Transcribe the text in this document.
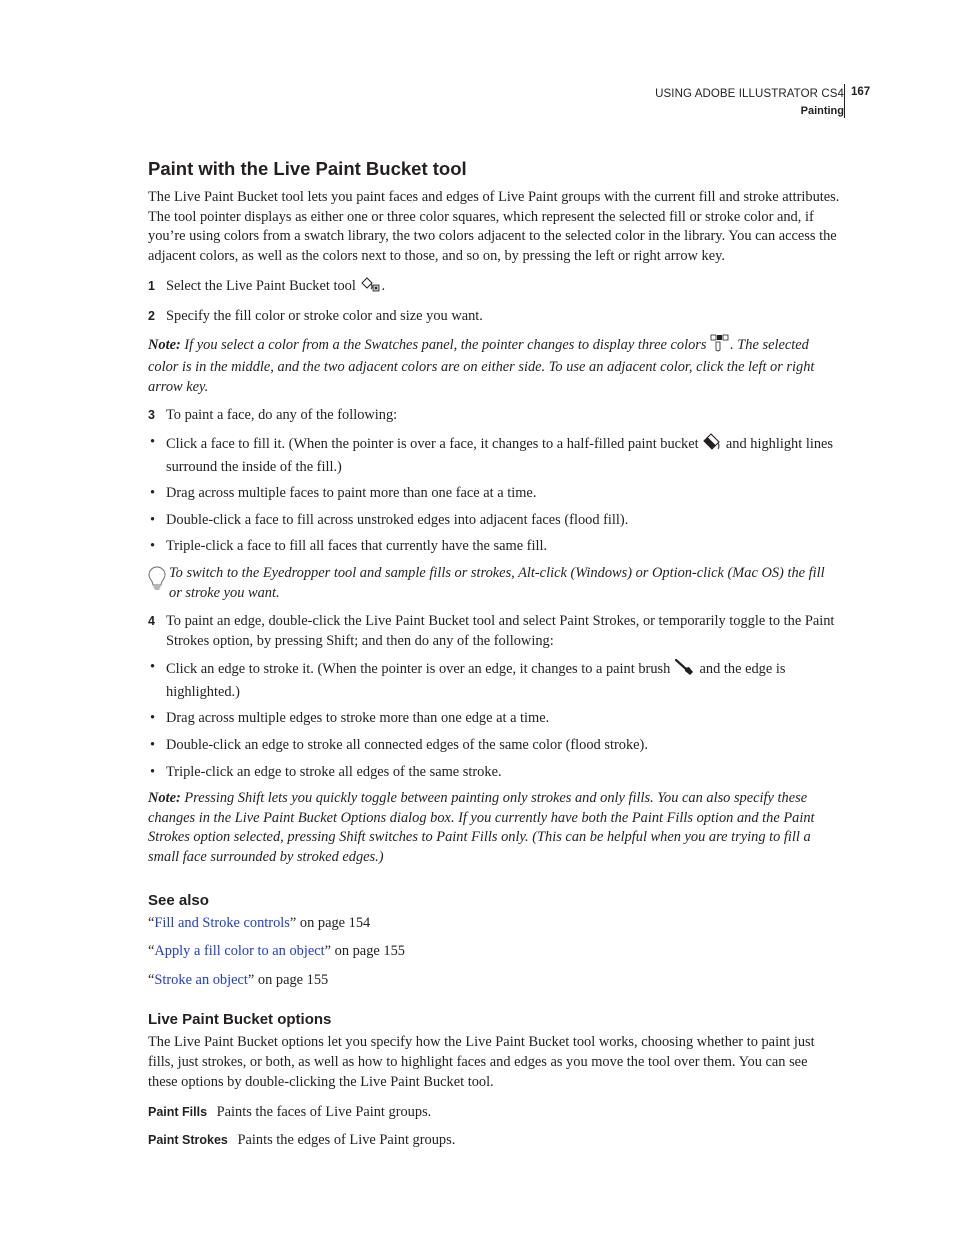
USING ADOBE ILLUSTRATOR CS4
Painting
167
Paint with the Live Paint Bucket tool

The Live Paint Bucket tool lets you paint faces and edges of Live Paint groups with the current fill and stroke attributes. The tool pointer displays as either one or three color squares, which represent the selected fill or stroke color and, if you’re using colors from a swatch library, the two colors adjacent to the selected color in the library. You can access the adjacent colors, as well as the colors next to those, and so on, by pressing the left or right arrow key.

1 Select the Live Paint Bucket tool .
2 Specify the fill color or stroke color and size you want.
Note: If you select a color from a the Swatches panel, the pointer changes to display three colors . The selected color is in the middle, and the two adjacent colors are on either side. To use an adjacent color, click the left or right arrow key.
3 To paint a face, do any of the following:
• Click a face to fill it. (When the pointer is over a face, it changes to a half-filled paint bucket and highlight lines surround the inside of the fill.)
• Drag across multiple faces to paint more than one face at a time.
• Double-click a face to fill across unstroked edges into adjacent faces (flood fill).
• Triple-click a face to fill all faces that currently have the same fill.
To switch to the Eyedropper tool and sample fills or strokes, Alt-click (Windows) or Option-click (Mac OS) the fill or stroke you want.
4 To paint an edge, double-click the Live Paint Bucket tool and select Paint Strokes, or temporarily toggle to the Paint Strokes option, by pressing Shift; and then do any of the following:
• Click an edge to stroke it. (When the pointer is over an edge, it changes to a paint brush and the edge is highlighted.)
• Drag across multiple edges to stroke more than one edge at a time.
• Double-click an edge to stroke all connected edges of the same color (flood stroke).
• Triple-click an edge to stroke all edges of the same stroke.
Note: Pressing Shift lets you quickly toggle between painting only strokes and only fills. You can also specify these changes in the Live Paint Bucket Options dialog box. If you currently have both the Paint Fills option and the Paint Strokes option selected, pressing Shift switches to Paint Fills only. (This can be helpful when you are trying to fill a small face surrounded by stroked edges.)
See also

“Fill and Stroke controls” on page 154

“Apply a fill color to an object” on page 155

“Stroke an object” on page 155

Live Paint Bucket options

The Live Paint Bucket options let you specify how the Live Paint Bucket tool works, choosing whether to paint just fills, just strokes, or both, as well as how to highlight faces and edges as you move the tool over them. You can see these options by double-clicking the Live Paint Bucket tool.

Paint Fills Paints the faces of Live Paint groups.
Paint Strokes Paints the edges of Live Paint groups.
